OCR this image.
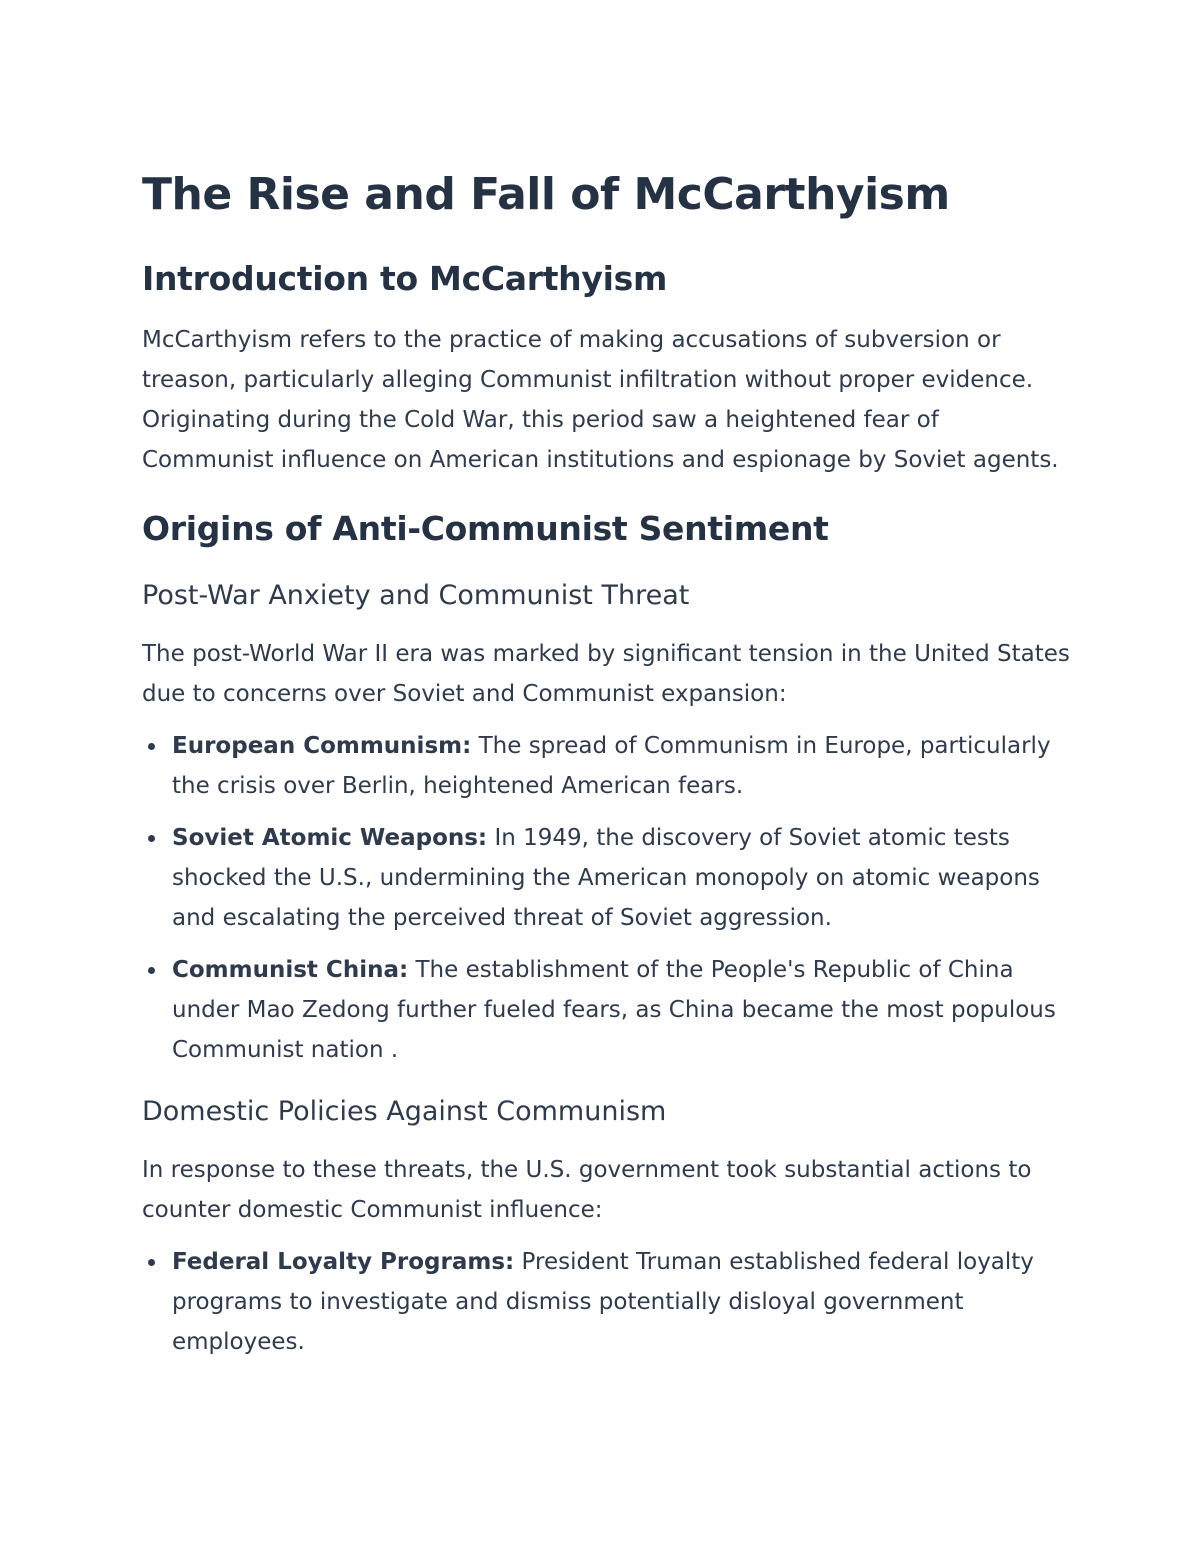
The Rise and Fall of McCarthyism
Introduction to McCarthyism

McCarthyism refers to the practice of making accusations of subversion or treason, particularly alleging Communist infiltration without proper evidence. Originating during the Cold War, this period saw a heightened fear of Communist influence on American institutions and espionage by Soviet agents.

Origins of Anti-Communist Sentiment
Post-War Anxiety and Communist Threat

The post-World War II era was marked by significant tension in the United States due to concerns over Soviet and Communist expansion:

European Communism: The spread of Communism in Europe, particularly the crisis over Berlin, heightened American fears.
Soviet Atomic Weapons: In 1949, the discovery of Soviet atomic tests shocked the U.S., undermining the American monopoly on atomic weapons and escalating the perceived threat of Soviet aggression.
Communist China: The establishment of the People's Republic of China under Mao Zedong further fueled fears, as China became the most populous Communist nation .
Domestic Policies Against Communism

In response to these threats, the U.S. government took substantial actions to counter domestic Communist influence:

Federal Loyalty Programs: President Truman established federal loyalty programs to investigate and dismiss potentially disloyal government employees.
